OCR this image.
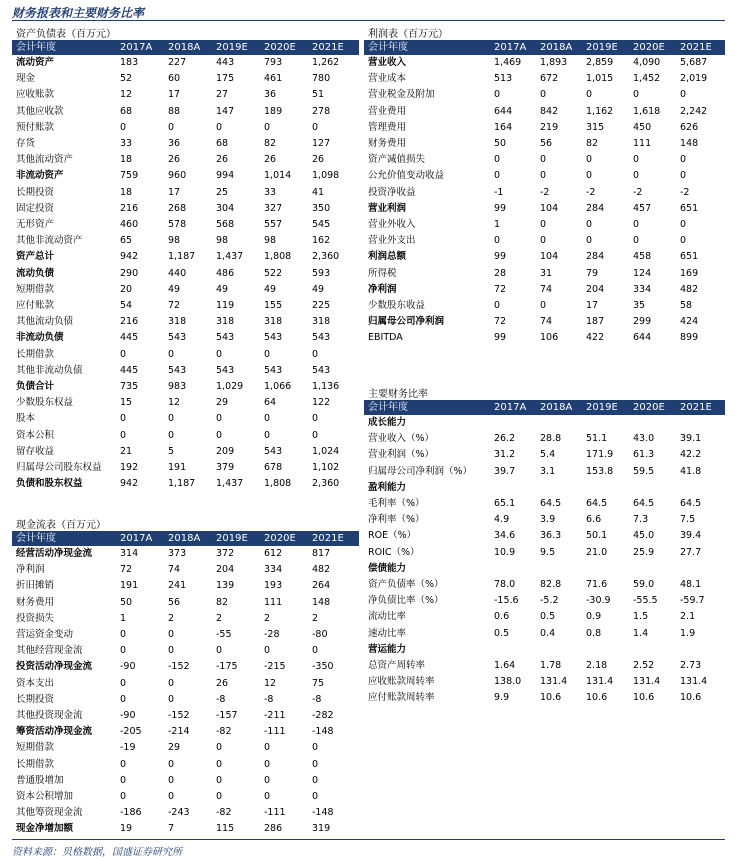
财务报表和主要财务比率
资产负债表（百万元）
会计年度	2017A	2018A	2019E	2020E	2021E
流动资产	183	227	443	793	1,262
现金	52	60	175	461	780
应收账款	12	17	27	36	51
其他应收款	68	88	147	189	278
预付账款	0	0	0	0	0
存货	33	36	68	82	127
其他流动资产	18	26	26	26	26
非流动资产	759	960	994	1,014	1,098
长期投资	18	17	25	33	41
固定投资	216	268	304	327	350
无形资产	460	578	568	557	545
其他非流动资产	65	98	98	98	162
资产总计	942	1,187	1,437	1,808	2,360
流动负债	290	440	486	522	593
短期借款	20	49	49	49	49
应付账款	54	72	119	155	225
其他流动负债	216	318	318	318	318
非流动负债	445	543	543	543	543
长期借款	0	0	0	0	0
其他非流动负债	445	543	543	543	543
负债合计	735	983	1,029	1,066	1,136
少数股东权益	15	12	29	64	122
股本	0	0	0	0	0
资本公积	0	0	0	0	0
留存收益	21	5	209	543	1,024
归属母公司股东权益	192	191	379	678	1,102
负债和股东权益	942	1,187	1,437	1,808	2,360
现金流表（百万元）
会计年度	2017A	2018A	2019E	2020E	2021E
经营活动净现金流	314	373	372	612	817
净利润	72	74	204	334	482
折旧摊销	191	241	139	193	264
财务费用	50	56	82	111	148
投资损失	1	2	2	2	2
营运资金变动	0	0	-55	-28	-80
其他经营现金流	0	0	0	0	0
投资活动净现金流	-90	-152	-175	-215	-350
资本支出	0	0	26	12	75
长期投资	0	0	-8	-8	-8
其他投资现金流	-90	-152	-157	-211	-282
筹资活动净现金流	-205	-214	-82	-111	-148
短期借款	-19	29	0	0	0
长期借款	0	0	0	0	0
普通股增加	0	0	0	0	0
资本公积增加	0	0	0	0	0
其他筹资现金流	-186	-243	-82	-111	-148
现金净增加额	19	7	115	286	319
利润表（百万元）
会计年度	2017A	2018A	2019E	2020E	2021E
营业收入	1,469	1,893	2,859	4,090	5,687
营业成本	513	672	1,015	1,452	2,019
营业税金及附加	0	0	0	0	0
营业费用	644	842	1,162	1,618	2,242
管理费用	164	219	315	450	626
财务费用	50	56	82	111	148
资产减值损失	0	0	0	0	0
公允价值变动收益	0	0	0	0	0
投资净收益	-1	-2	-2	-2	-2
营业利润	99	104	284	457	651
营业外收入	1	0	0	0	0
营业外支出	0	0	0	0	0
利润总额	99	104	284	458	651
所得税	28	31	79	124	169
净利润	72	74	204	334	482
少数股东收益	0	0	17	35	58
归属母公司净利润	72	74	187	299	424
EBITDA	99	106	422	644	899
主要财务比率
会计年度	2017A	2018A	2019E	2020E	2021E
成长能力					
营业收入（%）	26.2	28.8	51.1	43.0	39.1
营业利润（%）	31.2	5.4	171.9	61.3	42.2
归属母公司净利润（%）	39.7	3.1	153.8	59.5	41.8
盈利能力					
毛利率（%）	65.1	64.5	64.5	64.5	64.5
净利率（%）	4.9	3.9	6.6	7.3	7.5
ROE（%）	34.6	36.3	50.1	45.0	39.4
ROIC（%）	10.9	9.5	21.0	25.9	27.7
偿债能力					
资产负债率（%）	78.0	82.8	71.6	59.0	48.1
净负债比率（%）	-15.6	-5.2	-30.9	-55.5	-59.7
流动比率	0.6	0.5	0.9	1.5	2.1
速动比率	0.5	0.4	0.8	1.4	1.9
营运能力					
总资产周转率	1.64	1.78	2.18	2.52	2.73
应收账款周转率	138.0	131.4	131.4	131.4	131.4
应付账款周转率	9.9	10.6	10.6	10.6	10.6
资料来源：贝格数据，国盛证券研究所
